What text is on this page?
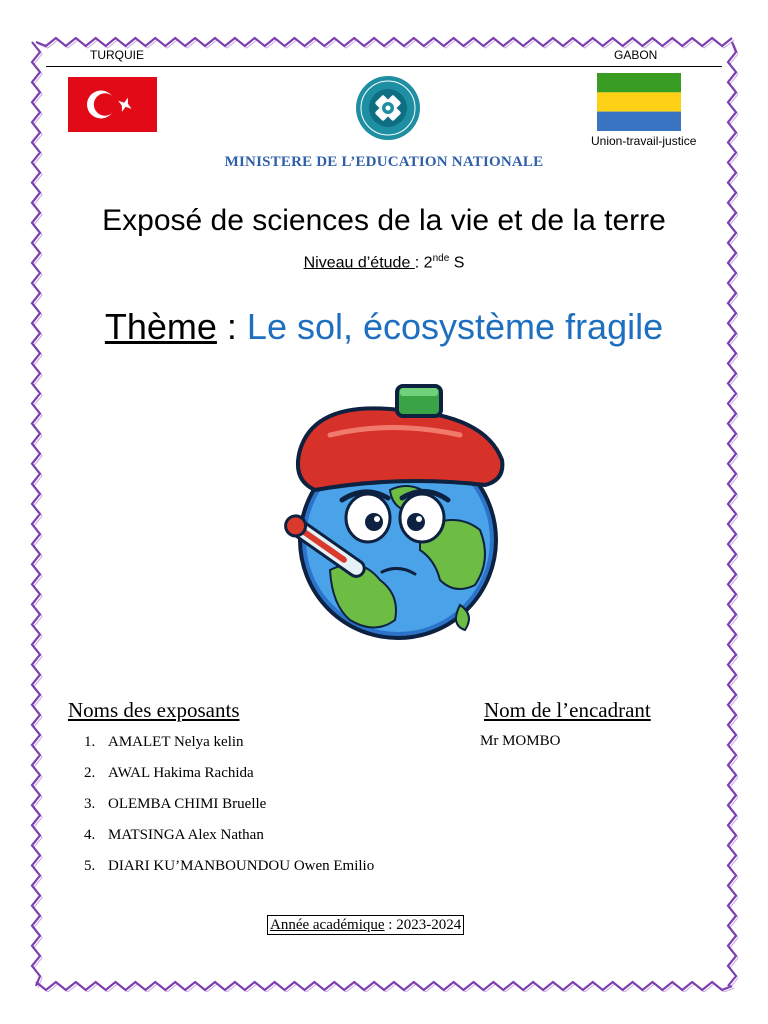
TURQUIE	GABON
Union-travail-justice
MINISTERE DE L’EDUCATION NATIONALE
Exposé de sciences de la vie et de la terre
Niveau d’étude : 2nde S
Thème : Le sol, écosystème fragile
Noms des exposants
1. AMALET Nelya kelin
2. AWAL Hakima Rachida
3. OLEMBA CHIMI Bruelle
4. MATSINGA Alex Nathan
5. DIARI KU’MANBOUNDOU Owen Emilio
Nom de l’encadrant
Mr MOMBO
Année académique : 2023-2024
